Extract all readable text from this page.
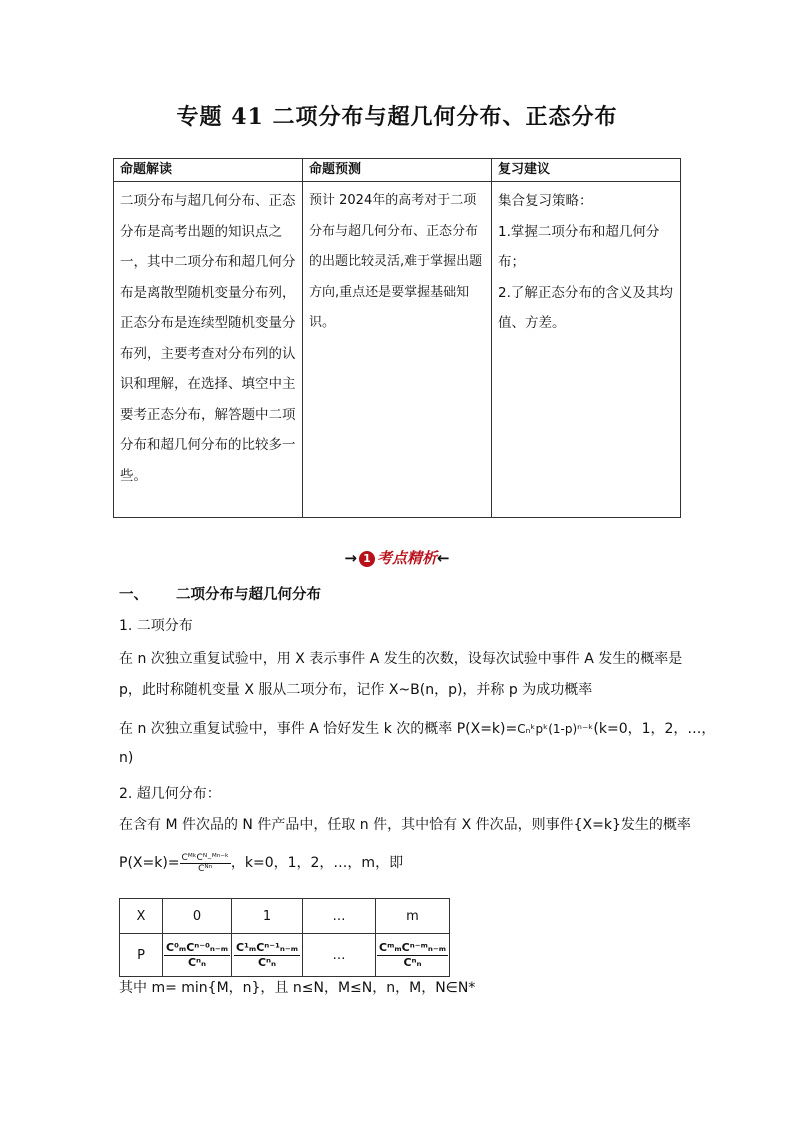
专题 41 二项分布与超几何分布、正态分布
命题解读	命题预测	复习建议
二项分布与超几何分布、正态分布是高考出题的知识点之一，其中二项分布和超几何分布是离散型随机变量分布列，正态分布是连续型随机变量分布列，主要考查对分布列的认识和理解，在选择、填空中主要考正态分布，解答题中二项分布和超几何分布的比较多一些。	预计 2024年的高考对于二项分布与超几何分布、正态分布的出题比较灵活,难于掌握出题方向,重点还是要掌握基础知识。	集合复习策略：
1.掌握二项分布和超几何分布；
2.了解正态分布的含义及其均值、方差。
→ 1 考点精析←
一、 二项分布与超几何分布
1. 二项分布
在 n 次独立重复试验中，用 X 表示事件 A 发生的次数，设每次试验中事件 A 发生的概率是
p，此时称随机变量 X 服从二项分布，记作 X~B(n，p)，并称 p 为成功概率
在 n 次独立重复试验中，事件 A 恰好发生 k 次的概率 P(X=k)=Cₙᵏpᵏ(1-p)ⁿ⁻ᵏ(k=0，1，2，…，
n)
2. 超几何分布：
在含有 M 件次品的 N 件产品中，任取 n 件，其中恰有 X 件次品，则事件{X=k}发生的概率
$P(X=k)= \frac{\text{CᴹᵏCᴺ₋ᴹⁿ⁻ᵏ}}{\text{Cᴺⁿ}}$ ，k=0，1，2，…，m，即
X	0	1	…	m
P	$\frac{\text{C⁰ₘCⁿ⁻⁰ₙ₋ₘ}}{\text{Cⁿₙ}}$	$\frac{\text{C¹ₘCⁿ⁻¹ₙ₋ₘ}}{\text{Cⁿₙ}}$	…	$\frac{\text{CᵐₘCⁿ⁻ᵐₙ₋ₘ}}{\text{Cⁿₙ}}$
其中 m= min{M，n}，且 n≤N，M≤N，n，M，N∈N*
